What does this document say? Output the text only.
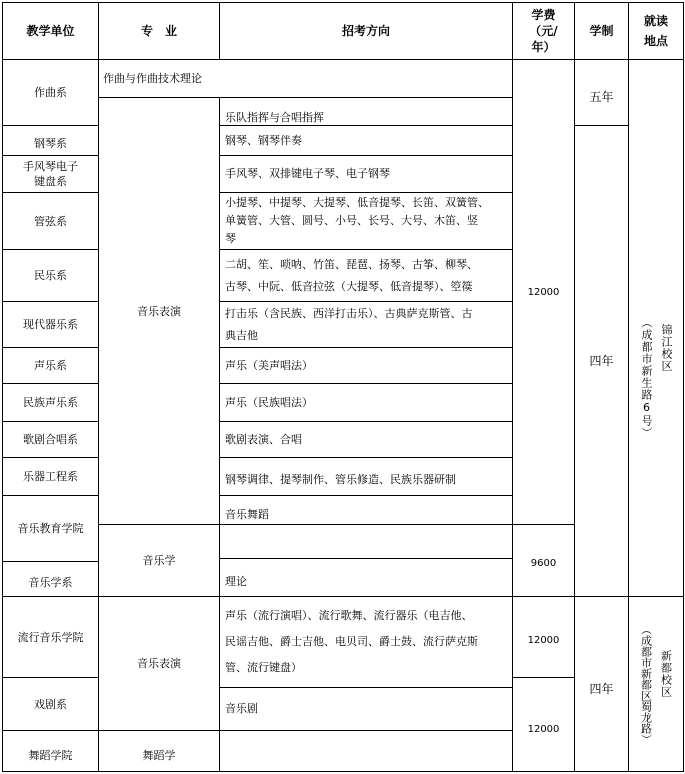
教学单位	专　业	招考方向
学费
（元/
年）
学制
就读
地点
作曲系
钢琴系
手风琴电子
键盘系
管弦系
民乐系
现代器乐系
声乐系
民族声乐系
歌剧合唱系
乐器工程系
音乐教育学院
音乐学系
流行音乐学院
戏剧系
舞蹈学院
作曲与作曲技术理论
音乐表演
音乐学
音乐表演
舞蹈学
乐队指挥与合唱指挥
钢琴、钢琴伴奏
手风琴、双排键电子琴、电子钢琴
小提琴、中提琴、大提琴、低音提琴、长笛、双簧管、
单簧管、大管、圆号、小号、长号、大号、木笛、竖
琴
二胡、笙、唢呐、竹笛、琵琶、扬琴、古筝、柳琴、
古琴、中阮、低音拉弦（大提琴、低音提琴）、箜篌
打击乐（含民族、西洋打击乐）、古典萨克斯管、古
典吉他
声乐（美声唱法）
声乐（民族唱法）
歌剧表演、合唱
钢琴调律、提琴制作、管乐修造、民族乐器研制
音乐舞蹈
理论
声乐（流行演唱）、流行歌舞、流行器乐（电吉他、
民谣吉他、爵士吉他、电贝司、爵士鼓、流行萨克斯
管、流行键盘）
音乐剧
12000
9600
12000
12000
五年
四年
四年
（成都市新生路6号） 锦江校区
（成都市新都区蜀龙路） 新都校区
